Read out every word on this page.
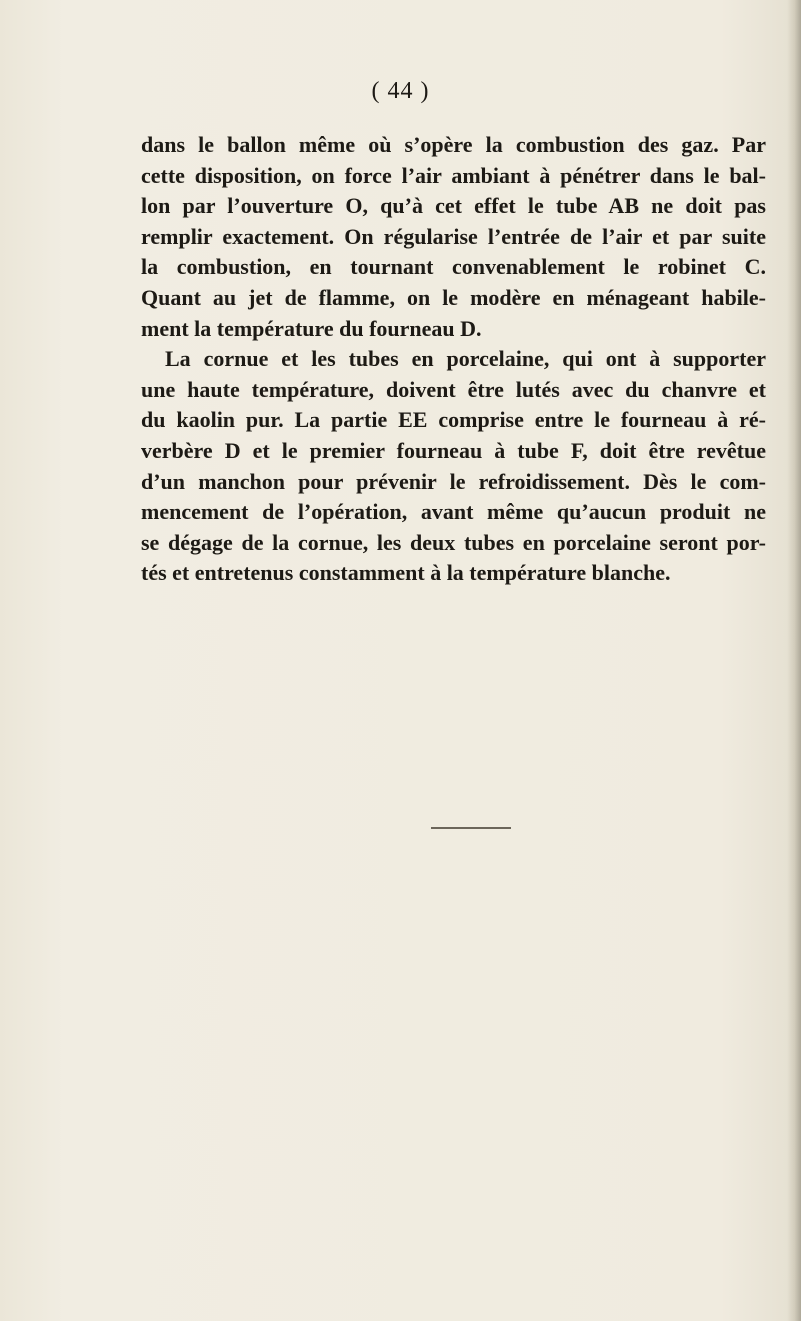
( 44 )
dans le ballon même où s’opère la combustion des gaz. Par
cette disposition, on force l’air ambiant à pénétrer dans le bal-
lon par l’ouverture O, qu’à cet effet le tube AB ne doit pas
remplir exactement. On régularise l’entrée de l’air et par suite
la combustion, en tournant convenablement le robinet C.
Quant au jet de flamme, on le modère en ménageant habile-
ment la température du fourneau D.
La cornue et les tubes en porcelaine, qui ont à supporter
une haute température, doivent être lutés avec du chanvre et
du kaolin pur. La partie EE comprise entre le fourneau à ré-
verbère D et le premier fourneau à tube F, doit être revêtue
d’un manchon pour prévenir le refroidissement. Dès le com-
mencement de l’opération, avant même qu’aucun produit ne
se dégage de la cornue, les deux tubes en porcelaine seront por-
tés et entretenus constamment à la température blanche.
